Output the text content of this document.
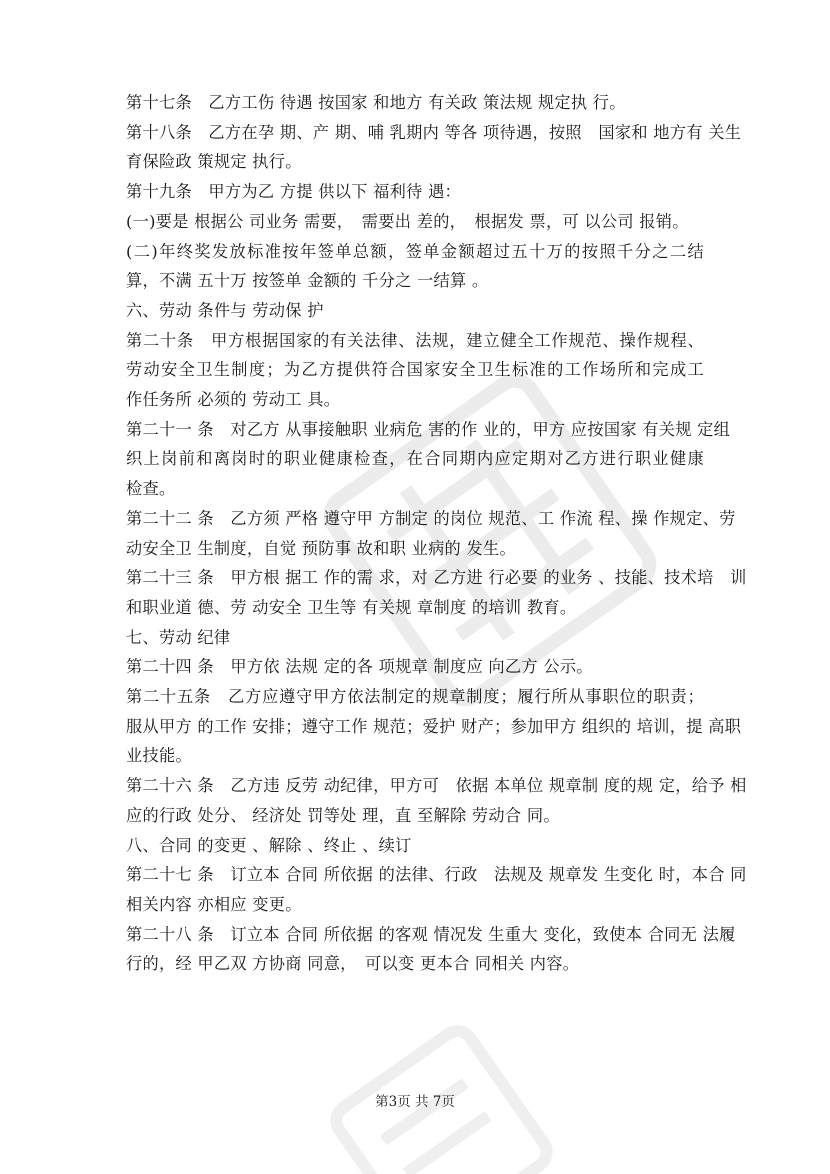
第十七条　乙方工伤 待遇 按国家 和地方 有关政 策法规 规定执 行。
第十八条　乙方在孕 期、产 期、哺 乳期内 等各 项待遇，按照　国家和 地方有 关生
育保险政 策规定 执行。
第十九条　甲方为乙 方提 供以下 福利待 遇：
(一)要是 根据公 司业务 需要，　需要出 差的，　根据发 票，可 以公司 报销。
(二)年终奖发放标准按年签单总额，签单金额超过五十万的按照千分之二结
算，不满 五十万 按签单 金额的 千分之 一结算 。
六、劳动 条件与 劳动保 护
第二十条　甲方根据国家的有关法律、法规，建立健全工作规范、操作规程、
劳动安全卫生制度；为乙方提供符合国家安全卫生标准的工作场所和完成工
作任务所 必须的 劳动工 具。
第二十一 条　对乙方 从事接触职 业病危 害的作 业的，甲方 应按国家 有关规 定组
织上岗前和离岗时的职业健康检查，在合同期内应定期对乙方进行职业健康
检查。
第二十二 条　乙方须 严格 遵守甲 方制定 的岗位 规范、工 作流 程、操 作规定、劳
动安全卫 生制度，自觉 预防事 故和职 业病的 发生。
第二十三 条　甲方根 据工 作的需 求，对 乙方进 行必要 的业务 、技能、技术培　训
和职业道 德、劳 动安全 卫生等 有关规 章制度 的培训 教育。
七、劳动 纪律
第二十四 条　甲方依 法规 定的各 项规章 制度应 向乙方 公示。
第二十五条　乙方应遵守甲方依法制定的规章制度；履行所从事职位的职责；
服从甲方 的工作 安排；遵守工作 规范；爱护 财产；参加甲方 组织的 培训，提 高职
业技能。
第二十六 条　乙方违 反劳 动纪律，甲方可　依据 本单位 规章制 度的规 定，给予 相
应的行政 处分、 经济处 罚等处 理，直 至解除 劳动合 同。
八、合同 的变更 、解除 、终止 、续订
第二十七 条　订立本 合同 所依据 的法律、行政　法规及 规章发 生变化 时，本合 同
相关内容 亦相应 变更。
第二十八 条　订立本 合同 所依据 的客观 情况发 生重大 变化，致使本 合同无 法履
行的，经 甲乙双 方协商 同意，　可以变 更本合 同相关 内容。
第3页 共 7页
